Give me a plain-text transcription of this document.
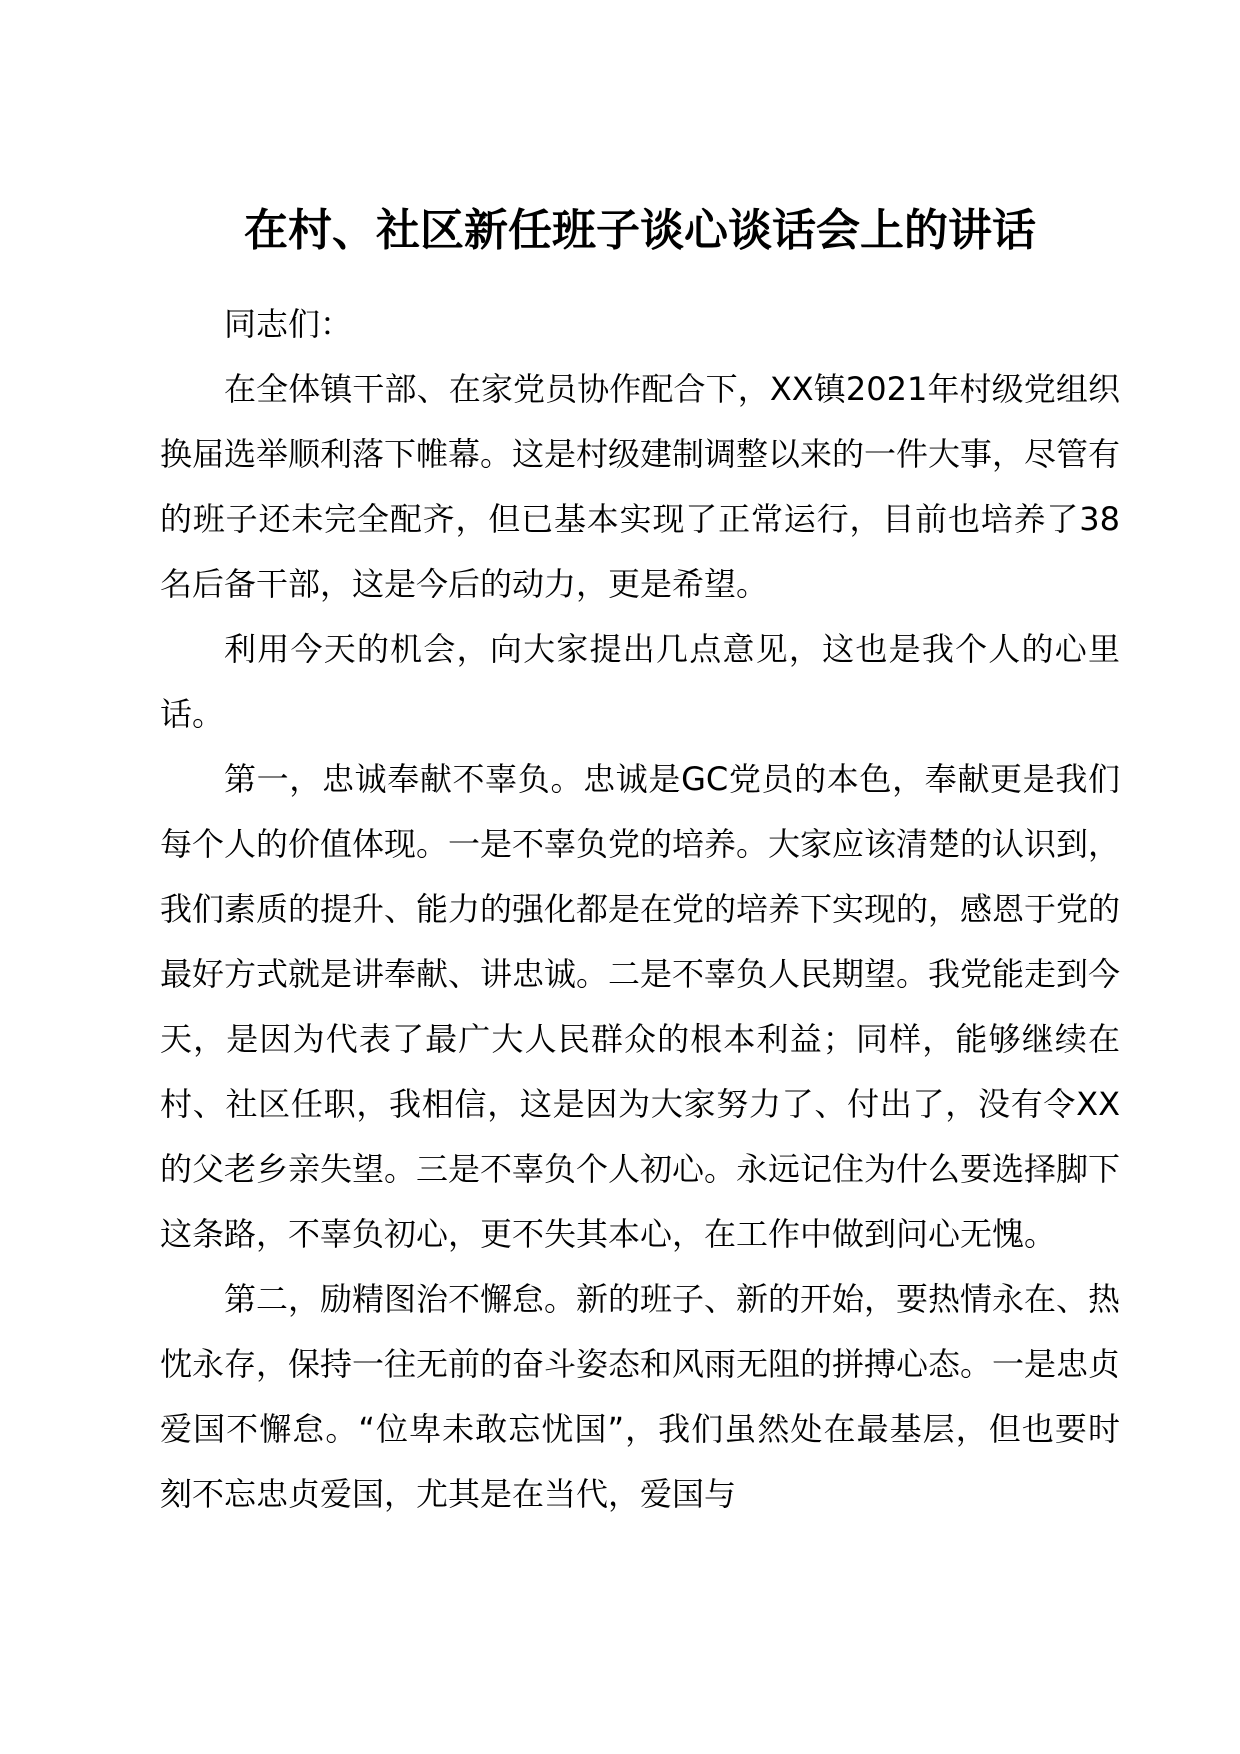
在村、社区新任班子谈心谈话会上的讲话

同志们：

在全体镇干部、在家党员协作配合下，XX镇2021年村级党组织换届选举顺利落下帷幕。这是村级建制调整以来的一件大事，尽管有的班子还未完全配齐，但已基本实现了正常运行，目前也培养了38名后备干部，这是今后的动力，更是希望。

利用今天的机会，向大家提出几点意见，这也是我个人的心里话。

第一，忠诚奉献不辜负。忠诚是GC党员的本色，奉献更是我们每个人的价值体现。一是不辜负党的培养。大家应该清楚的认识到，我们素质的提升、能力的强化都是在党的培养下实现的，感恩于党的最好方式就是讲奉献、讲忠诚。二是不辜负人民期望。我党能走到今天，是因为代表了最广大人民群众的根本利益；同样，能够继续在村、社区任职，我相信，这是因为大家努力了、付出了，没有令XX的父老乡亲失望。三是不辜负个人初心。永远记住为什么要选择脚下这条路，不辜负初心，更不失其本心，在工作中做到问心无愧。

第二，励精图治不懈怠。新的班子、新的开始，要热情永在、热忱永存，保持一往无前的奋斗姿态和风雨无阻的拼搏心态。一是忠贞爱国不懈怠。“位卑未敢忘忧国”，我们虽然处在最基层，但也要时刻不忘忠贞爱国，尤其是在当代，爱国与
